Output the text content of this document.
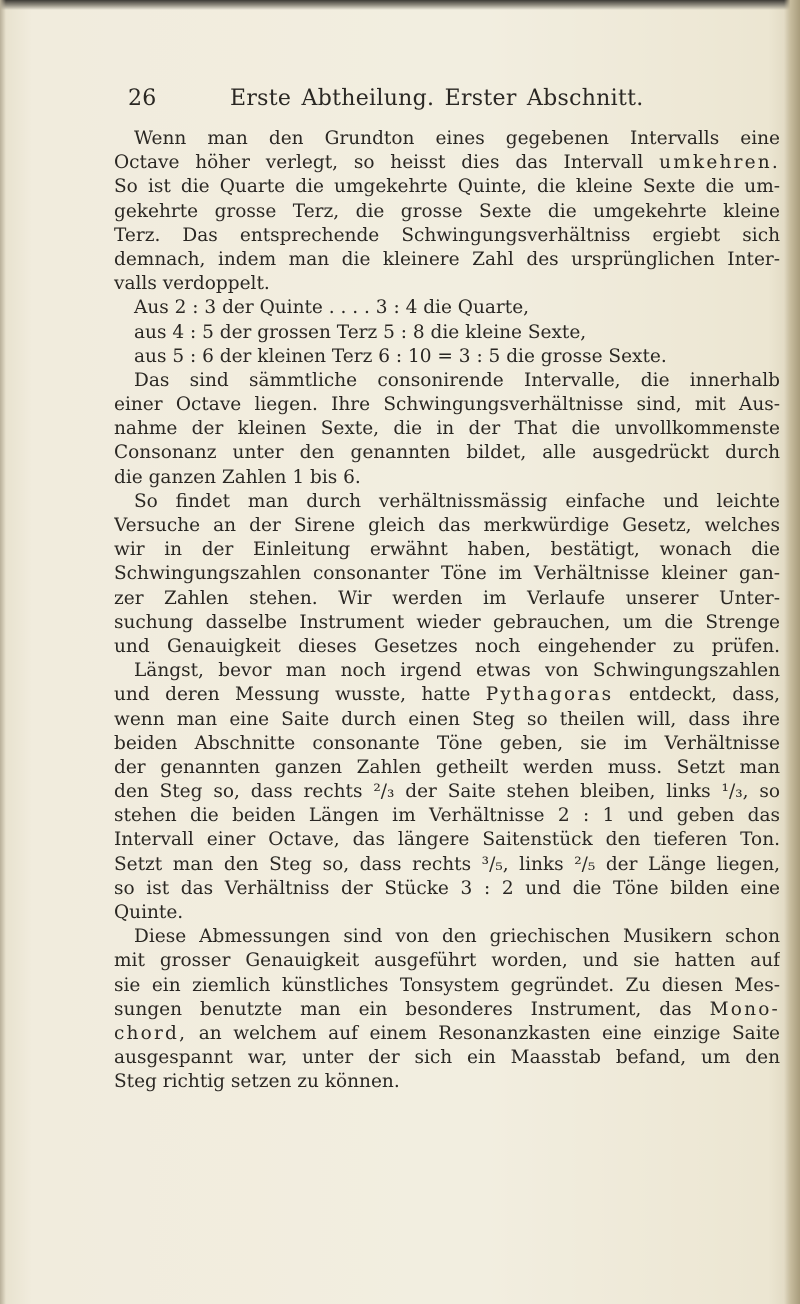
26	Erste Abtheilung. Erster Abschnitt.
Wenn man den Grundton eines gegebenen Intervalls eine
Octave höher verlegt, so heisst dies das Intervall umkehren.
So ist die Quarte die umgekehrte Quinte, die kleine Sexte die um-
gekehrte grosse Terz, die grosse Sexte die umgekehrte kleine
Terz. Das entsprechende Schwingungsverhältniss ergiebt sich
demnach, indem man die kleinere Zahl des ursprünglichen Inter-
valls verdoppelt.
Aus 2 : 3 der Quinte . . . . 3 : 4 die Quarte,
aus 4 : 5 der grossen Terz 5 : 8 die kleine Sexte,
aus 5 : 6 der kleinen Terz 6 : 10 = 3 : 5 die grosse Sexte.
Das sind sämmtliche consonirende Intervalle, die innerhalb
einer Octave liegen. Ihre Schwingungsverhältnisse sind, mit Aus-
nahme der kleinen Sexte, die in der That die unvollkommenste
Consonanz unter den genannten bildet, alle ausgedrückt durch
die ganzen Zahlen 1 bis 6.
So findet man durch verhältnissmässig einfache und leichte
Versuche an der Sirene gleich das merkwürdige Gesetz, welches
wir in der Einleitung erwähnt haben, bestätigt, wonach die
Schwingungszahlen consonanter Töne im Verhältnisse kleiner gan-
zer Zahlen stehen. Wir werden im Verlaufe unserer Unter-
suchung dasselbe Instrument wieder gebrauchen, um die Strenge
und Genauigkeit dieses Gesetzes noch eingehender zu prüfen.
Längst, bevor man noch irgend etwas von Schwingungszahlen
und deren Messung wusste, hatte Pythagoras entdeckt, dass,
wenn man eine Saite durch einen Steg so theilen will, dass ihre
beiden Abschnitte consonante Töne geben, sie im Verhältnisse
der genannten ganzen Zahlen getheilt werden muss. Setzt man
den Steg so, dass rechts ²/₃ der Saite stehen bleiben, links ¹/₃, so
stehen die beiden Längen im Verhältnisse 2 : 1 und geben das
Intervall einer Octave, das längere Saitenstück den tieferen Ton.
Setzt man den Steg so, dass rechts ³/₅, links ²/₅ der Länge liegen,
so ist das Verhältniss der Stücke 3 : 2 und die Töne bilden eine
Quinte.
Diese Abmessungen sind von den griechischen Musikern schon
mit grosser Genauigkeit ausgeführt worden, und sie hatten auf
sie ein ziemlich künstliches Tonsystem gegründet. Zu diesen Mes-
sungen benutzte man ein besonderes Instrument, das Mono-
chord, an welchem auf einem Resonanzkasten eine einzige Saite
ausgespannt war, unter der sich ein Maasstab befand, um den
Steg richtig setzen zu können.
